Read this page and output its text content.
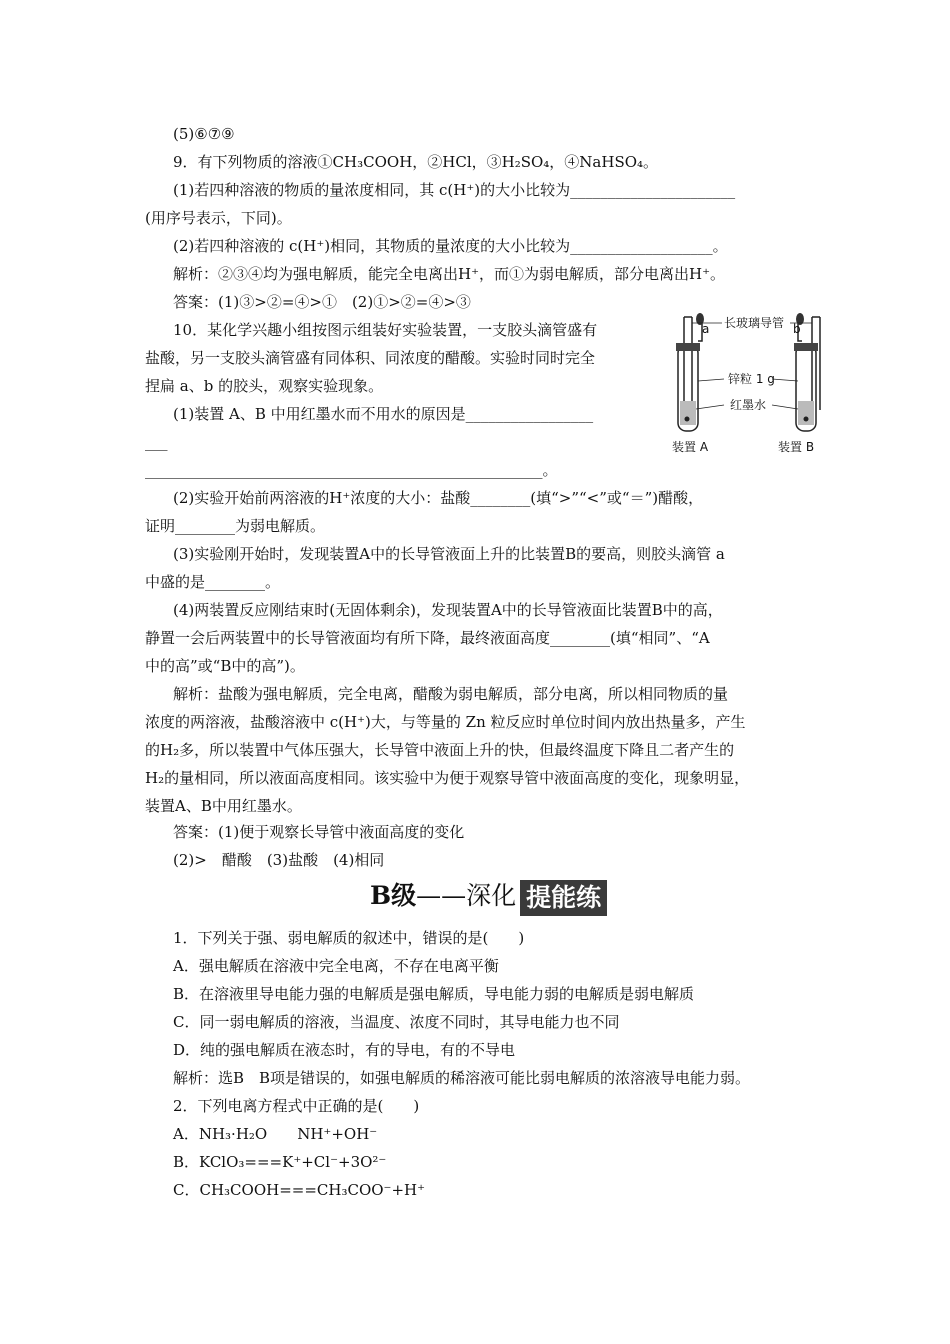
(5)⑥⑦⑨
9．有下列物质的溶液①CH₃COOH，②HCl，③H₂SO₄，④NaHSO₄。
(1)若四种溶液的物质的量浓度相同，其 c(H⁺)的大小比较为______________________
(用序号表示，下同)。
(2)若四种溶液的 c(H⁺)相同，其物质的量浓度的大小比较为___________________。
解析：②③④均为强电解质，能完全电离出H⁺，而①为弱电解质，部分电离出H⁺。
答案：(1)③>②=④>①　(2)①>②=④>③
10．某化学兴趣小组按图示组装好实验装置，一支胶头滴管盛有
盐酸，另一支胶头滴管盛有同体积、同浓度的醋酸。实验时同时完全
捏扁 a、b 的胶头，观察实验现象。
(1)装置 A、B 中用红墨水而不用水的原因是_________________
___
_____________________________________________________。
(2)实验开始前两溶液的H⁺浓度的大小：盐酸________(填“>”“<”或“＝”)醋酸，
证明________为弱电解质。
(3)实验刚开始时，发现装置A中的长导管液面上升的比装置B的要高，则胶头滴管 a
中盛的是________。
(4)两装置反应刚结束时(无固体剩余)，发现装置A中的长导管液面比装置B中的高，
静置一会后两装置中的长导管液面均有所下降，最终液面高度________(填“相同”、“A
中的高”或“B中的高”)。
解析：盐酸为强电解质，完全电离，醋酸为弱电解质，部分电离，所以相同物质的量
浓度的两溶液，盐酸溶液中 c(H⁺)大，与等量的 Zn 粒反应时单位时间内放出热量多，产生
的H₂多，所以装置中气体压强大，长导管中液面上升的快，但最终温度下降且二者产生的
H₂的量相同，所以液面高度相同。该实验中为便于观察导管中液面高度的变化，现象明显，
装置A、B中用红墨水。
答案：(1)便于观察长导管中液面高度的变化
(2)>　醋酸　(3)盐酸　(4)相同
B级——深化 提能练
1．下列关于强、弱电解质的叙述中，错误的是(　　)
A．强电解质在溶液中完全电离，不存在电离平衡
B．在溶液里导电能力强的电解质是强电解质，导电能力弱的电解质是弱电解质
C．同一弱电解质的溶液，当温度、浓度不同时，其导电能力也不同
D．纯的强电解质在液态时，有的导电，有的不导电
解析：选B　B项是错误的，如强电解质的稀溶液可能比弱电解质的浓溶液导电能力弱。
2．下列电离方程式中正确的是(　　)
A．NH₃·H₂O　　NH⁺+OH⁻
B．KClO₃===K⁺+Cl⁻+3O²⁻
C．CH₃COOH===CH₃COO⁻+H⁺
长玻璃导管
a	b
锌粒 1 g
红墨水
装置 A	装置 B
